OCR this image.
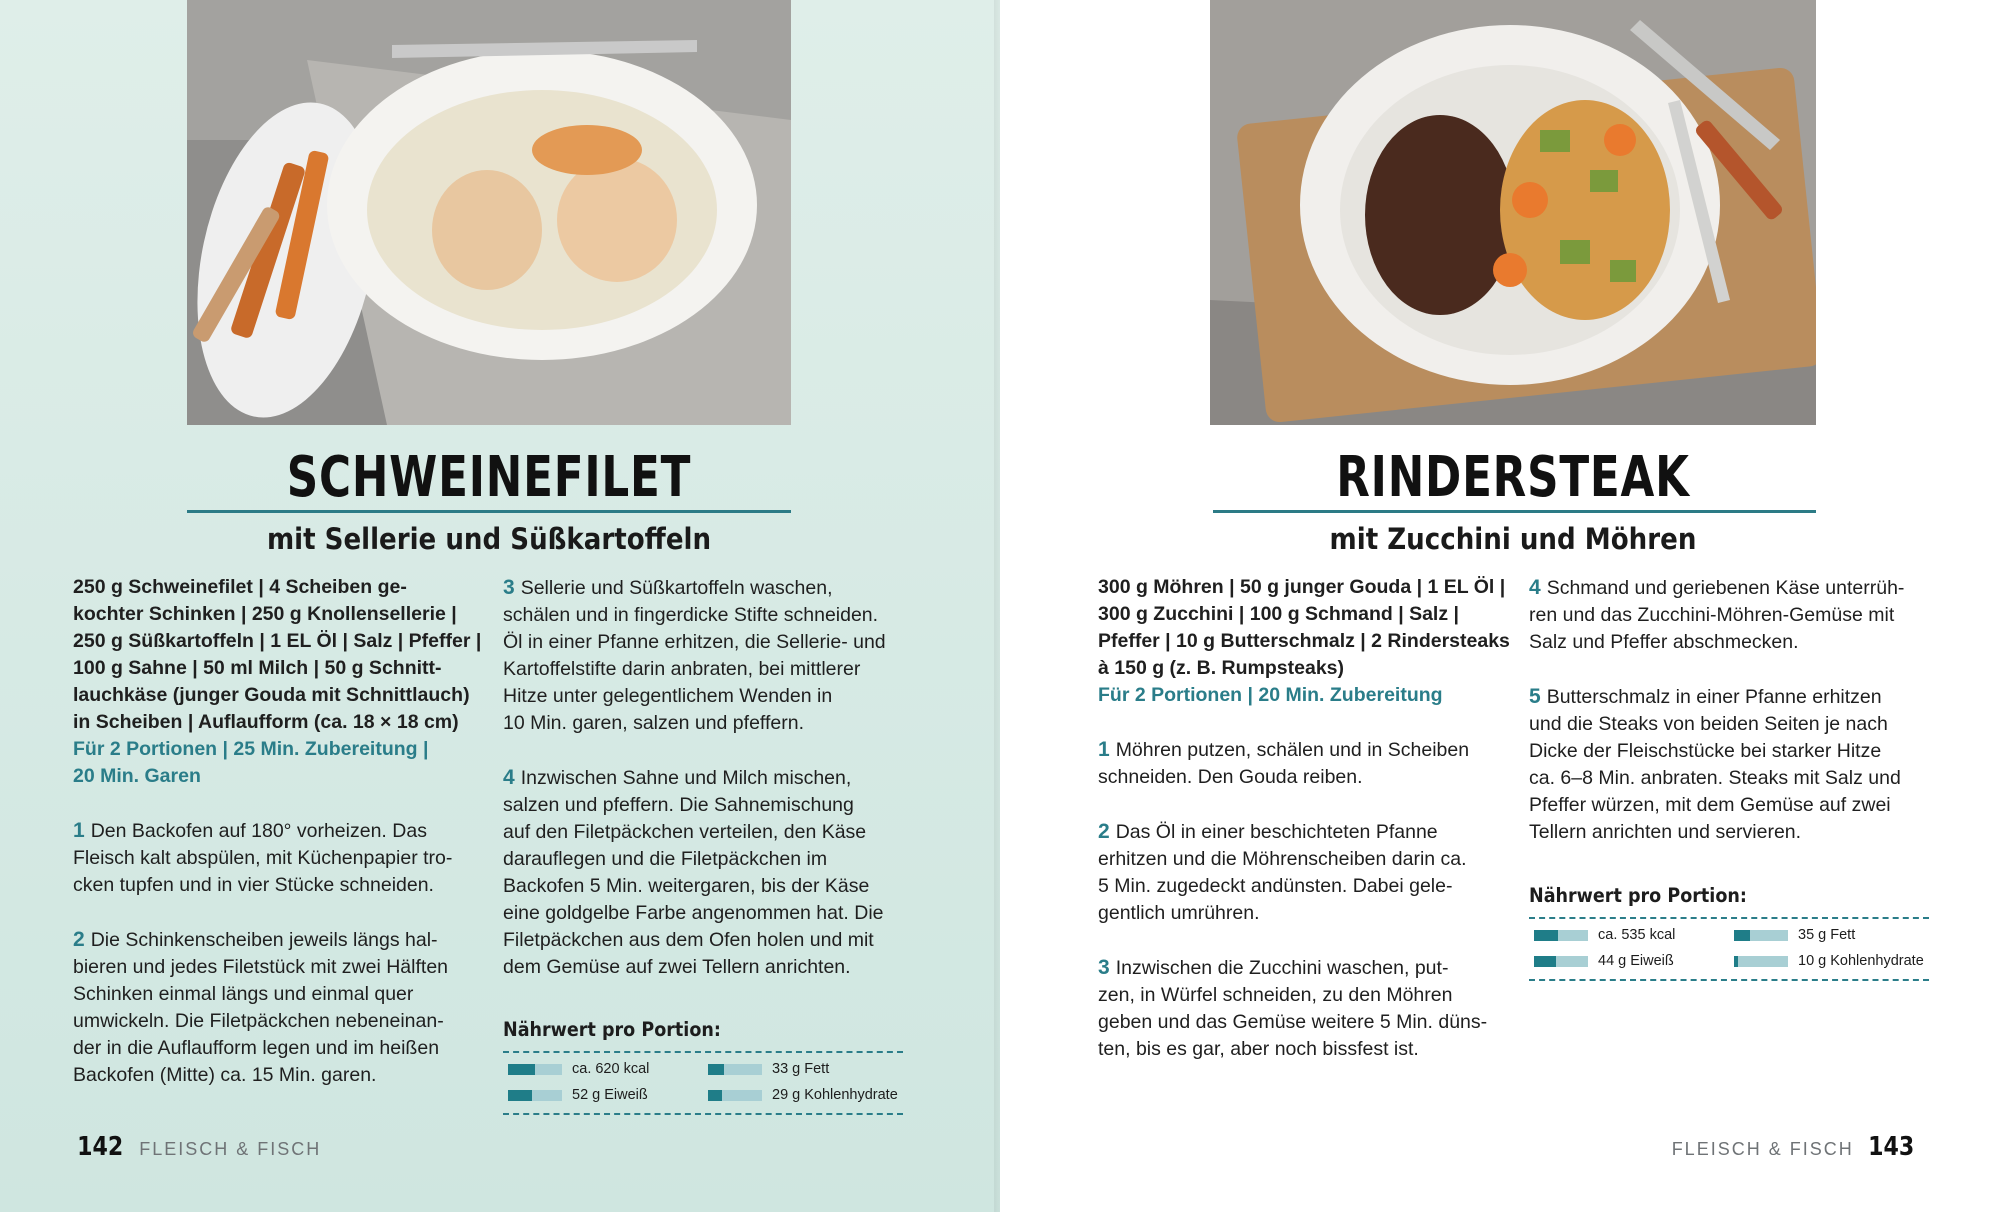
SCHWEINEFILET
mit Sellerie und Süßkartoffeln
250 g Schweinefilet | 4 Scheiben ge-
kochter Schinken | 250 g Knollensellerie |
250 g Süßkartoffeln | 1 EL Öl | Salz | Pfeffer |
100 g Sahne | 50 ml Milch | 50 g Schnitt-
lauchkäse (junger Gouda mit Schnittlauch)
in Scheiben | Auflaufform (ca. 18 × 18 cm)
Für 2 Portionen | 25 Min. Zubereitung |
20 Min. Garen
1 Den Backofen auf 180° vorheizen. Das
Fleisch kalt abspülen, mit Küchenpapier tro-
cken tupfen und in vier Stücke schneiden.
2 Die Schinkenscheiben jeweils längs hal-
bieren und jedes Filetstück mit zwei Hälften
Schinken einmal längs und einmal quer
umwickeln. Die Filetpäckchen nebeneinan-
der in die Auflaufform legen und im heißen
Backofen (Mitte) ca. 15 Min. garen.
3 Sellerie und Süßkartoffeln waschen,
schälen und in fingerdicke Stifte schneiden.
Öl in einer Pfanne erhitzen, die Sellerie- und
Kartoffelstifte darin anbraten, bei mittlerer
Hitze unter gelegentlichem Wenden in
10 Min. garen, salzen und pfeffern.
4 Inzwischen Sahne und Milch mischen,
salzen und pfeffern. Die Sahnemischung
auf den Filetpäckchen verteilen, den Käse
darauflegen und die Filetpäckchen im
Backofen 5 Min. weitergaren, bis der Käse
eine goldgelbe Farbe angenommen hat. Die
Filetpäckchen aus dem Ofen holen und mit
dem Gemüse auf zwei Tellern anrichten.
Nährwert pro Portion:
ca. 620 kcal	33 g Fett
52 g Eiweiß	29 g Kohlenhydrate
142 FLEISCH & FISCH
RINDERSTEAK
mit Zucchini und Möhren
300 g Möhren | 50 g junger Gouda | 1 EL Öl |
300 g Zucchini | 100 g Schmand | Salz |
Pfeffer | 10 g Butterschmalz | 2 Rindersteaks
à 150 g (z. B. Rumpsteaks)
Für 2 Portionen | 20 Min. Zubereitung
1 Möhren putzen, schälen und in Scheiben
schneiden. Den Gouda reiben.
2 Das Öl in einer beschichteten Pfanne
erhitzen und die Möhrenscheiben darin ca.
5 Min. zugedeckt andünsten. Dabei gele-
gentlich umrühren.
3 Inzwischen die Zucchini waschen, put-
zen, in Würfel schneiden, zu den Möhren
geben und das Gemüse weitere 5 Min. düns-
ten, bis es gar, aber noch bissfest ist.
4 Schmand und geriebenen Käse unterrüh-
ren und das Zucchini-Möhren-Gemüse mit
Salz und Pfeffer abschmecken.
5 Butterschmalz in einer Pfanne erhitzen
und die Steaks von beiden Seiten je nach
Dicke der Fleischstücke bei starker Hitze
ca. 6–8 Min. anbraten. Steaks mit Salz und
Pfeffer würzen, mit dem Gemüse auf zwei
Tellern anrichten und servieren.
Nährwert pro Portion:
ca. 535 kcal	35 g Fett
44 g Eiweiß	10 g Kohlenhydrate
FLEISCH & FISCH 143
